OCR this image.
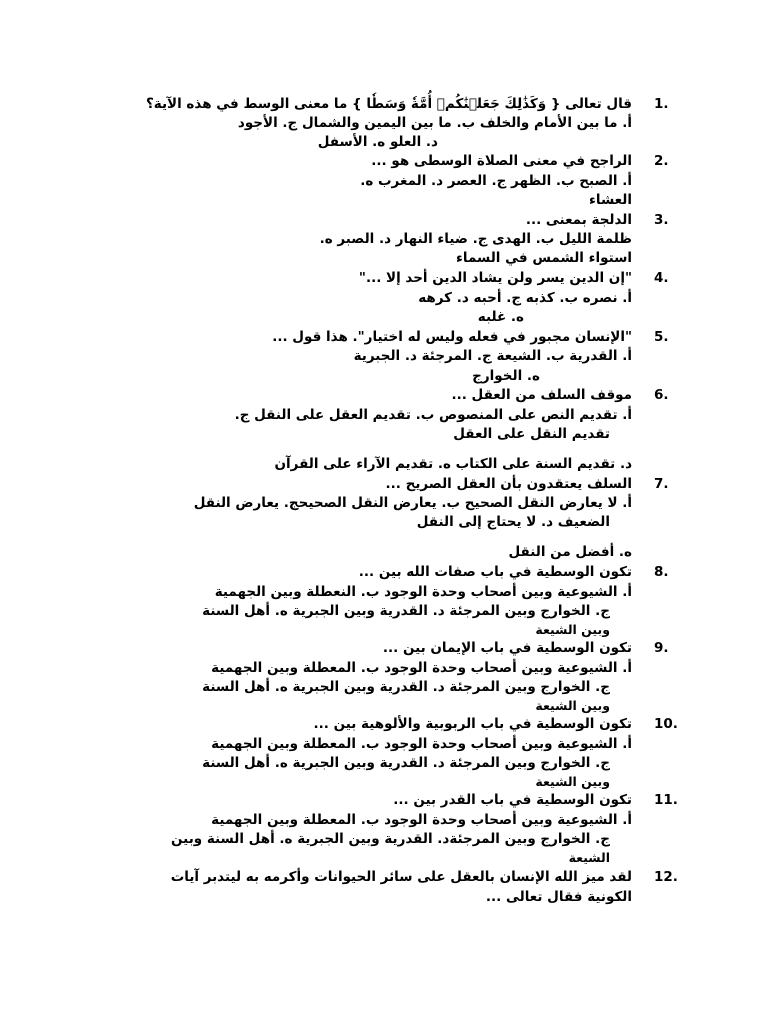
1.
قال تعالى { وَكَذَٰلِكَ جَعَلۡنَٰكُمۡ أُمَّةٗ وَسَطٗا } ما معنى الوسط في هذه الآية؟
أ. ما بين الأمام والخلف ب. ما بين اليمين والشمال ج. الأجود
د. العلو ه. الأسفل
2.
الراجح في معنى الصلاة الوسطى هو ...
أ. الصبح ب. الظهر ج. العصر د. المغرب ه.
العشاء
3.
الدلجة بمعنى ...
ظلمة الليل ب. الهدى ج. ضياء النهار د. الصبر ه.
استواء الشمس في السماء
4.
"إن الدين يسر ولن يشاد الدين أحد إلا ..."
أ. نصره ب. كذبه ج. أحبه د. كرهه
ه. غلبه
5.
"الإنسان مجبور في فعله وليس له اختيار". هذا قول ...
أ. القدرية ب. الشيعة ج. المرجئة د. الجبرية
ه. الخوارج
6.
موقف السلف من العقل ...
أ. تقديم النص على المنصوص ب. تقديم العقل على النقل ج.
تقديم النقل على العقل
د. تقديم السنة على الكتاب ه. تقديم الآراء على القرآن
7.
السلف يعتقدون بأن العقل الصريح ...
أ. لا يعارض النقل الصحيح ب. يعارض النقل الصحيحج. يعارض النقل
الضعيف د. لا يحتاج إلى النقل
ه. أفضل من النقل
8.
تكون الوسطية في باب صفات الله بين ...
أ. الشيوعية وبين أصحاب وحدة الوجود ب. النعطلة وبين الجهمية
ج. الخوارج وبين المرجئة د. القدرية وبين الجبرية ه. أهل السنة
وبين الشيعة
9.
تكون الوسطية في باب الإيمان بين ...
أ. الشيوعية وبين أصحاب وحدة الوجود ب. المعطلة وبين الجهمية
ج. الخوارج وبين المرجئة د. القدرية وبين الجبرية ه. أهل السنة
وبين الشيعة
10.
تكون الوسطية في باب الربوبية والألوهية بين ...
أ. الشيوعية وبين أصحاب وحدة الوجود ب. المعطلة وبين الجهمية
ج. الخوارج وبين المرجئة د. القدرية وبين الجبرية ه. أهل السنة
وبين الشيعة
11.
تكون الوسطية في باب القدر بين ...
أ. الشيوعية وبين أصحاب وحدة الوجود ب. المعطلة وبين الجهمية
ج. الخوارج وبين المرجئةد. القدرية وبين الجبرية ه. أهل السنة وبين
الشيعة
12.
لقد ميز الله الإنسان بالعقل على سائر الحيوانات وأكرمه به ليتدبر آيات
الكونية فقال تعالى ...
